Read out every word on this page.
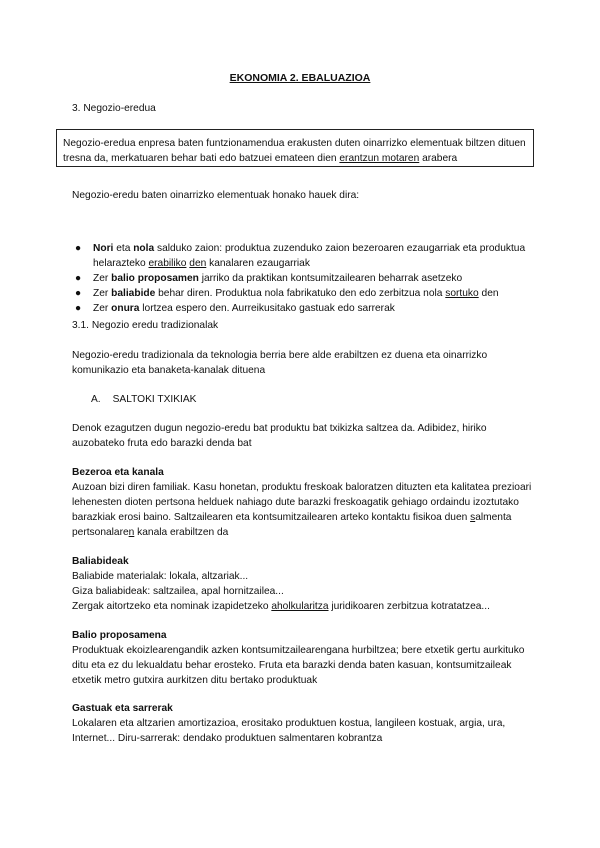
EKONOMIA 2. EBALUAZIOA
3. Negozio-eredua
Negozio-eredua enpresa baten funtzionamendua erakusten duten oinarrizko elementuak biltzen dituen tresna da, merkatuaren behar bati edo batzuei emateen dien erantzun motaren arabera
Negozio-eredu baten oinarrizko elementuak honako hauek dira:
● Nori eta nola salduko zaion: produktua zuzenduko zaion bezeroaren ezaugarriak eta produktua helarazteko erabiliko den kanalaren ezaugarriak
● Zer balio proposamen jarriko da praktikan kontsumitzailearen beharrak asetzeko
● Zer baliabide behar diren. Produktua nola fabrikatuko den edo zerbitzua nola sortuko den
● Zer onura lortzea espero den. Aurreikusitako gastuak edo sarrerak
3.1. Negozio eredu tradizionalak

Negozio-eredu tradizionala da teknologia berria bere alde erabiltzen ez duena eta oinarrizko komunikazio eta banaketa-kanalak dituena

A. SALTOKI TXIKIAK

Denok ezagutzen dugun negozio-eredu bat produktu bat txikizka saltzea da. Adibidez, hiriko auzobateko fruta edo barazki denda bat

Bezeroa eta kanala

Auzoan bizi diren familiak. Kasu honetan, produktu freskoak baloratzen dituzten eta kalitatea prezioari lehenesten dioten pertsona helduek nahiago dute barazki freskoagatik gehiago ordaindu izoztutako barazkiak erosi baino. Saltzailearen eta kontsumitzailearen arteko kontaktu fisikoa duen salmenta pertsonalaren kanala erabiltzen da

Baliabideak

Baliabide materialak: lokala, altzariak...

Giza baliabideak: saltzailea, apal hornitzailea...

Zergak aitortzeko eta nominak izapidetzeko aholkularitza juridikoaren zerbitzua kotratatzea...

Balio proposamena

Produktuak ekoizlearengandik azken kontsumitzailearengana hurbiltzea; bere etxetik gertu aurkituko ditu eta ez du lekualdatu behar erosteko. Fruta eta barazki denda baten kasuan, kontsumitzaileak etxetik metro gutxira aurkitzen ditu bertako produktuak

Gastuak eta sarrerak

Lokalaren eta altzarien amortizazioa, erositako produktuen kostua, langileen kostuak, argia, ura, Internet... Diru-sarrerak: dendako produktuen salmentaren kobrantza
